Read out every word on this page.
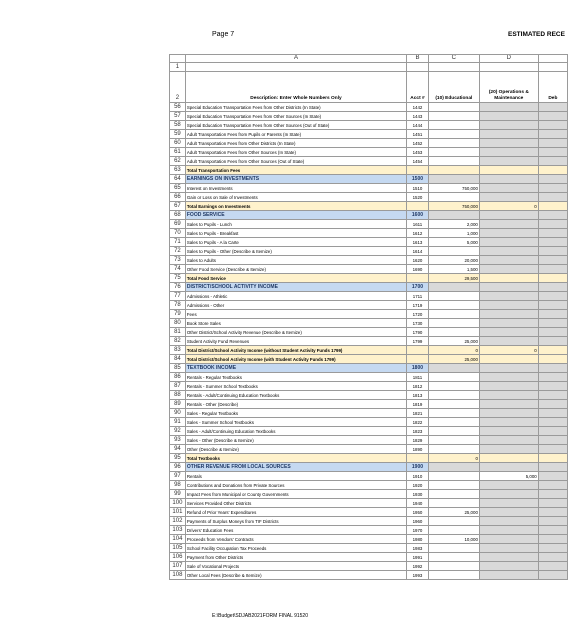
Page 7	ESTIMATED RECE
	A	B	C	D	
1					
2	Description: Enter Whole Numbers Only	Acct #	(10) Educational	(20) Operations & Maintenance	Deb

56	Special Education Transportation Fees from Other Districts (In State)	1442			
57	Special Education Transportation Fees from Other Sources (In State)	1443			
58	Special Education Transportation Fees from Other Sources (Out of State)	1444			
59	Adult Transportation Fees from Pupils or Parents (In State)	1451			
60	Adult Transportation Fees from Other Districts (In State)	1452			
61	Adult Transportation Fees from Other Sources (In State)	1453			
62	Adult Transportation Fees from Other Sources (Out of State)	1454			
63	Total Transportation Fees				
64	EARNINGS ON INVESTMENTS	1500			
65	Interest on Investments	1510	750,000		
66	Gain or Loss on Sale of Investments	1520			
67	Total Earnings on Investments		750,000	0	
68	FOOD SERVICE	1600			
69	Sales to Pupils - Lunch	1611	2,000		
70	Sales to Pupils - Breakfast	1612	1,000		
71	Sales to Pupils - A la Carte	1613	5,000		
72	Sales to Pupils - Other (Describe & Itemize)	1614			
73	Sales to Adults	1620	20,000		
74	Other Food Service (Describe & Itemize)	1690	1,500		
75	Total Food Service		29,500		
76	DISTRICT/SCHOOL ACTIVITY INCOME	1700			
77	Admissions - Athletic	1711			
78	Admissions - Other	1719			
79	Fees	1720			
80	Book Store Sales	1730			
81	Other District/School Activity Revenue (Describe & Itemize)	1790			
82	Student Activity Fund Revenues	1799	25,000		
83	Total District/School Activity Income (without Student Activity Funds 1799)		0	0	
84	Total District/School Activity Income (with Student Activity Funds 1799)		25,000		
85	TEXTBOOK INCOME	1800			
86	Rentals - Regular Textbooks	1811			
87	Rentals - Summer School Textbooks	1812			
88	Rentals - Adult/Continuing Education Textbooks	1813			
89	Rentals - Other (Describe)	1819			
90	Sales - Regular Textbooks	1821			
91	Sales - Summer School Textbooks	1822			
92	Sales - Adult/Continuing Education Textbooks	1823			
93	Sales - Other (Describe & Itemize)	1829			
94	Other (Describe & Itemize)	1890			
95	Total Textbooks		0		
96	OTHER REVENUE FROM LOCAL SOURCES	1900			
97	Rentals	1910		5,000	
98	Contributions and Donations from Private Sources	1920			
99	Impact Fees from Municipal or County Governments	1930			
100	Services Provided Other Districts	1940			
101	Refund of Prior Years' Expenditures	1950	25,000		
102	Payments of Surplus Moneys from TIF Districts	1960			
103	Drivers' Education Fees	1970			
104	Proceeds from Vendors' Contracts	1980	10,000		
105	School Facility Occupation Tax Proceeds	1983			
106	Payment from Other Districts	1991			
107	Sale of Vocational Projects	1992			
108	Other Local Fees (Describe & Itemize)	1993			
E:\Budget\SDJAB2021FORM FINAL 91520
